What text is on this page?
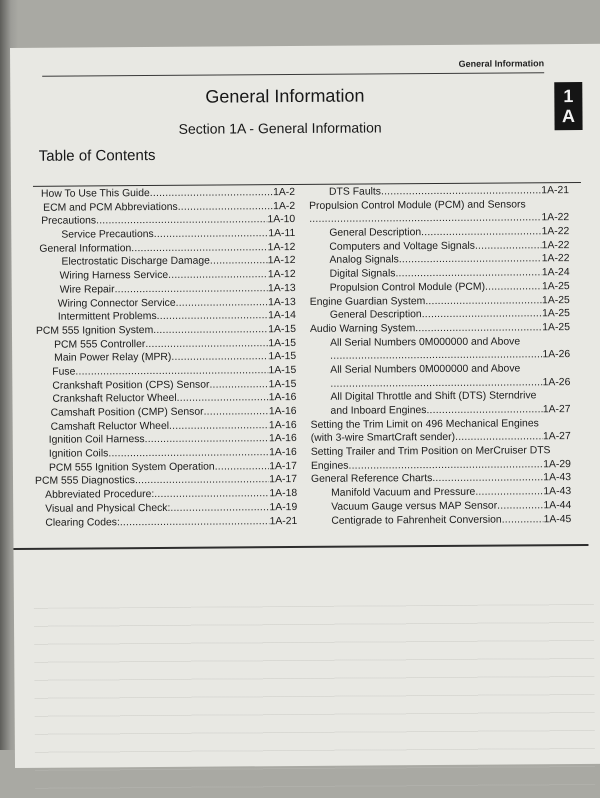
General Information
1
A
General Information
Section 1A - General Information
Table of Contents
How To Use This Guide .....	1A-2
ECM and PCM Abbreviations .....	1A-2
Precautions .....	1A-10
Service Precautions .....	1A-11
General Information .....	1A-12
Electrostatic Discharge Damage .....	1A-12
Wiring Harness Service .....	1A-12
Wire Repair .....	1A-13
Wiring Connector Service .....	1A-13
Intermittent Problems .....	1A-14
PCM 555 Ignition System .....	1A-15
PCM 555 Controller .....	1A-15
Main Power Relay (MPR) .....	1A-15
Fuse .....	1A-15
Crankshaft Position (CPS) Sensor .....	1A-15
Crankshaft Reluctor Wheel .....	1A-16
Camshaft Position (CMP) Sensor .....	1A-16
Camshaft Reluctor Wheel .....	1A-16
Ignition Coil Harness .....	1A-16
Ignition Coils .....	1A-16
PCM 555 Ignition System Operation .....	1A-17
PCM 555 Diagnostics .....	1A-17
Abbreviated Procedure: .....	1A-18
Visual and Physical Check: .....	1A-19
Clearing Codes: .....	1A-21
DTS Faults .....	1A-21
Propulsion Control Module (PCM) and Sensors
.....
1A-22
General Description .....	1A-22
Computers and Voltage Signals .....	1A-22
Analog Signals .....	1A-22
Digital Signals .....	1A-24
Propulsion Control Module (PCM) .....	1A-25
Engine Guardian System .....	1A-25
General Description .....	1A-25
Audio Warning System .....	1A-25
All Serial Numbers 0M000000 and Above
.....
1A-26
All Serial Numbers 0M000000 and Above
.....
1A-26
All Digital Throttle and Shift (DTS) Sterndrive
and Inboard Engines .....	1A-27
Setting the Trim Limit on 496 Mechanical Engines
(with 3-wire SmartCraft sender) .....	1A-27
Setting Trailer and Trim Position on MerCruiser DTS
Engines .....	1A-29
General Reference Charts .....	1A-43
Manifold Vacuum and Pressure .....	1A-43
Vacuum Gauge versus MAP Sensor .....	1A-44
Centigrade to Fahrenheit Conversion .....	1A-45
